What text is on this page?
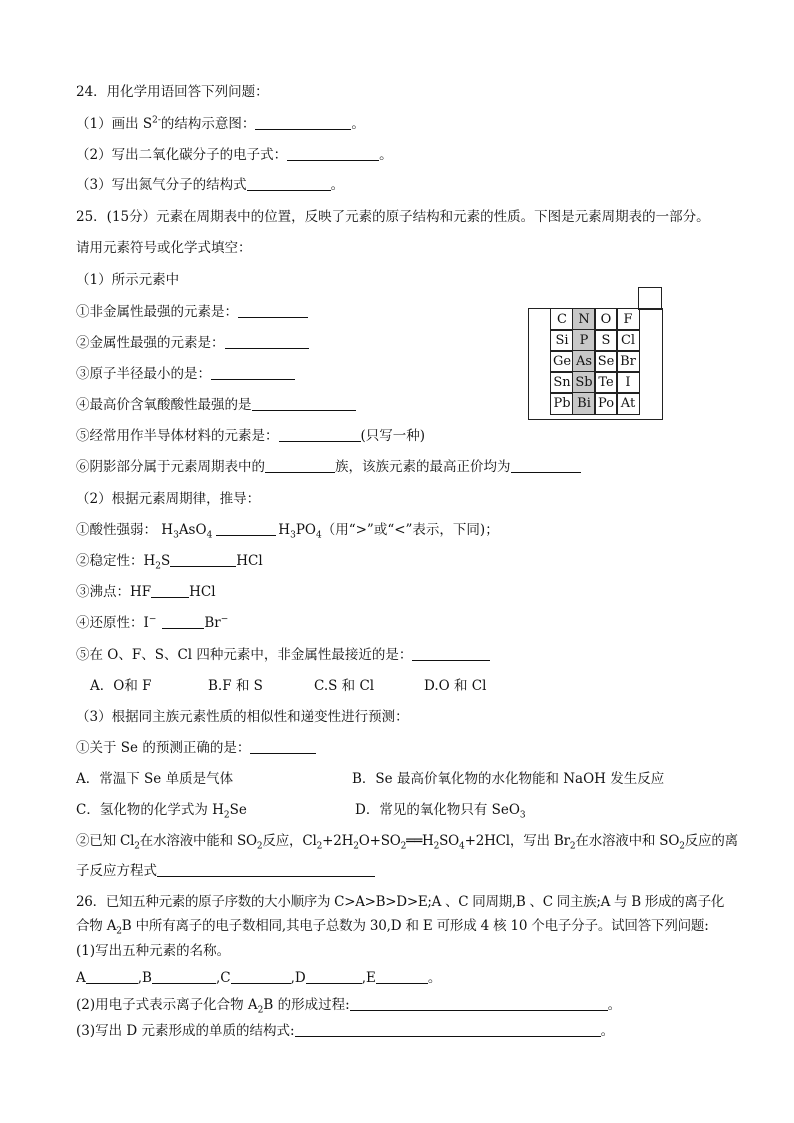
24．用化学用语回答下列问题：
（1）画出 $S^{2-}$的结构示意图：	。
（2）写出二氧化碳分子的电子式：	。
（3）写出氮气分子的结构式	。
25．(15分）元素在周期表中的位置，反映了元素的原子结构和元素的性质。下图是元素周期表的一部分。
请用元素符号或化学式填空：
（1）所示元素中
①非金属性最强的元素是：
②金属性最强的元素是：
③原子半径最小的是：
④最高价含氧酸酸性最强的是
⑤经常用作半导体材料的元素是：	(只写一种)
⑥阴影部分属于元素周期表中的	族，该族元素的最高正价均为
C N O F
Si P	S Cl
Ge As Se Br
Sn Sb Te I
Pb Bi Po At
（2）根据元素周期律，推导：
①酸性强弱： $H_3AsO_4$	$H_3PO_4$（用“>”或“<”表示，下同)；
②稳定性：$H_2S$	HCl
③沸点：HF	HCl
④还原性：I−	Br−
⑤在 O、F、S、Cl 四种元素中，非金属性最接近的是：
A．O和 F	B.F 和 S	C.S 和 Cl	D.O 和 Cl
（3）根据同主族元素性质的相似性和递变性进行预测：
①关于 Se 的预测正确的是：
A．常温下 Se 单质是气体	B．Se 最高价氧化物的水化物能和 NaOH 发生反应
C．氢化物的化学式为 $H_2Se$	D．常见的氧化物只有 SeO$_3$
②已知 $Cl_2$在水溶液中能和 $SO_2$反应，$Cl_2+2H_2O+SO_2══H_2SO_4+2HCl$，写出 $Br_2$在水溶液中和 $SO_2$反应的离
子反应方程式
26．已知五种元素的原子序数的大小顺序为 C>A>B>D>E;A 、C 同周期,B 、C 同主族;A 与 B 形成的离子化
合物 $A_2B$ 中所有离子的电子数相同,其电子总数为 30,D 和 E 可形成 4 核 10 个电子分子。试回答下列问题:
(1)写出五种元素的名称。
A	,B	,C	,D	,E	。
(2)用电子式表示离子化合物 $A_2B$ 的形成过程:	。
(3)写出 D 元素形成的单质的结构式:	。
